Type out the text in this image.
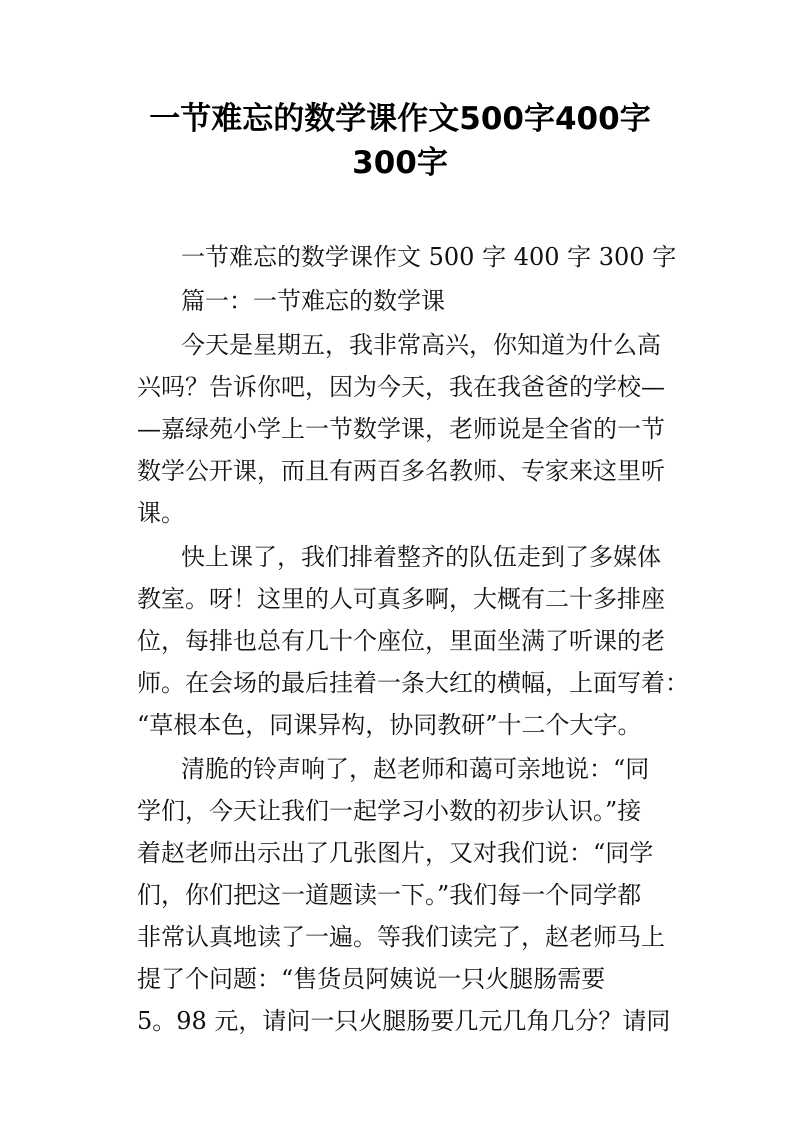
一节难忘的数学课作文500字400字
300字
一节难忘的数学课作文 500 字 400 字 300 字
篇一：一节难忘的数学课
今天是星期五，我非常高兴，你知道为什么高
兴吗？告诉你吧，因为今天，我在我爸爸的学校—
—嘉绿苑小学上一节数学课，老师说是全省的一节
数学公开课，而且有两百多名教师、专家来这里听
课。
快上课了，我们排着整齐的队伍走到了多媒体
教室。呀！这里的人可真多啊，大概有二十多排座
位，每排也总有几十个座位，里面坐满了听课的老
师。在会场的最后挂着一条大红的横幅，上面写着：
“草根本色，同课异构，协同教研”十二个大字。
清脆的铃声响了，赵老师和蔼可亲地说：“同
学们，今天让我们一起学习小数的初步认识。”接
着赵老师出示出了几张图片，又对我们说：“同学
们，你们把这一道题读一下。”我们每一个同学都
非常认真地读了一遍。等我们读完了，赵老师马上
提了个问题：“售货员阿姨说一只火腿肠需要
5。98 元，请问一只火腿肠要几元几角几分？请同
